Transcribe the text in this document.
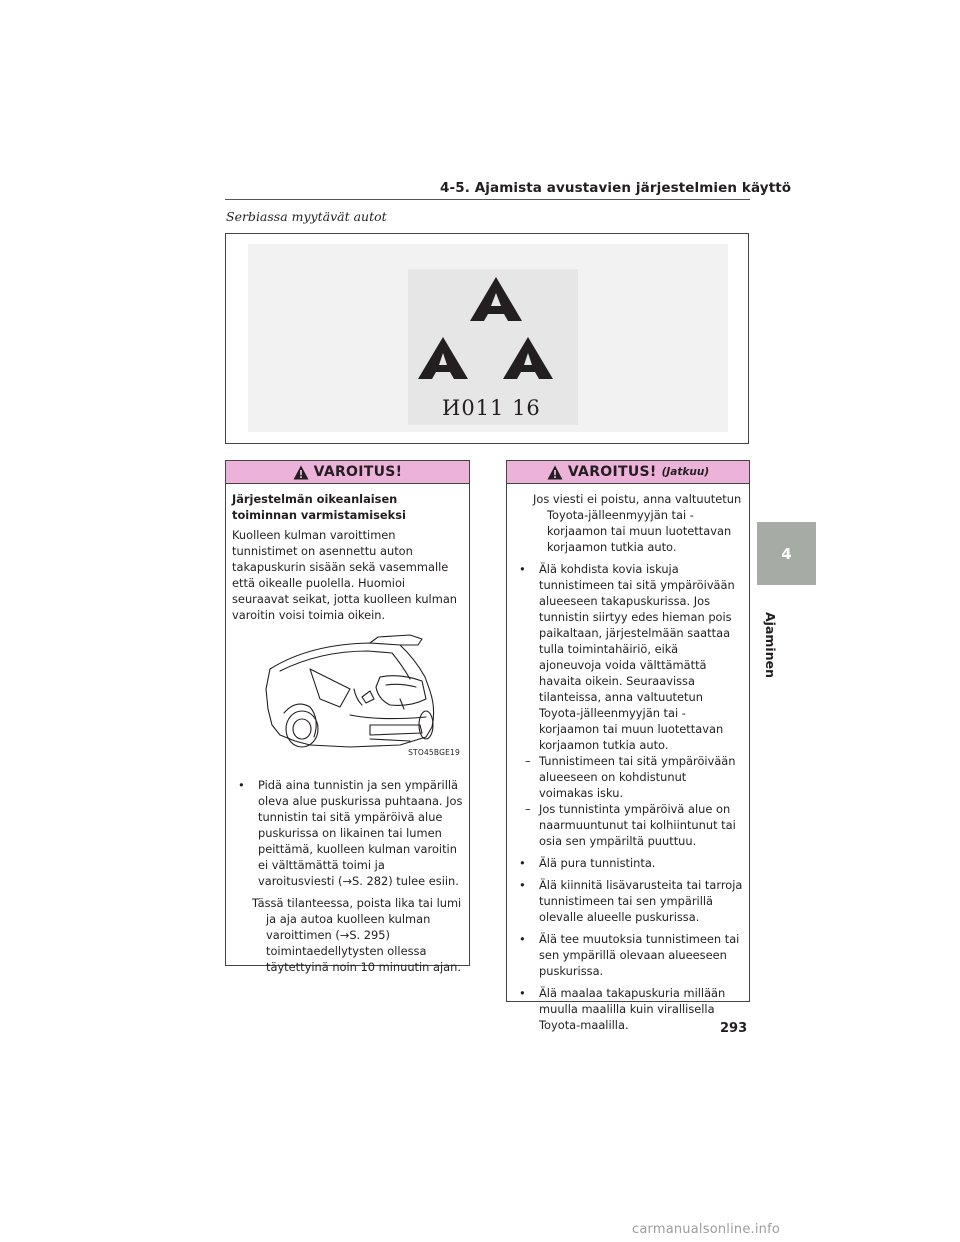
4-5. Ajamista avustavien järjestelmien käyttö
Serbiassa myytävät autot
И011 16
VAROITUS!
Järjestelmän oikeanlaisen toiminnan varmistamiseksi
Kuolleen kulman varoittimen tunnistimet on asennettu auton takapuskurin sisään sekä vasemmalle että oikealle puolella. Huomioi seuraavat seikat, jotta kuolleen kulman varoitin voisi toimia oikein.
STO45BGE19
• Pidä aina tunnistin ja sen ympärillä oleva alue puskurissa puhtaana. Jos tunnistin tai sitä ympäröivä alue puskurissa on likainen tai lumen peittämä, kuolleen kulman varoitin ei välttämättä toimi ja varoitusviesti (→S. 282) tulee esiin.
Tässä tilanteessa, poista lika tai lumi ja aja autoa kuolleen kulman varoittimen (→S. 295) toimintaedellytysten ollessa täytettyinä noin 10 minuutin ajan.
VAROITUS! (Jatkuu)
Jos viesti ei poistu, anna valtuutetun Toyota-jälleenmyyjän tai -korjaamon tai muun luotettavan korjaamon tutkia auto.
• Älä kohdista kovia iskuja tunnistimeen tai sitä ympäröivään alueeseen takapuskurissa. Jos tunnistin siirtyy edes hieman pois paikaltaan, järjestelmään saattaa tulla toimintahäiriö, eikä ajoneuvoja voida välttämättä havaita oikein. Seuraavissa tilanteissa, anna valtuutetun Toyota-jälleenmyyjän tai -korjaamon tai muun luotettavan korjaamon tutkia auto.
– Tunnistimeen tai sitä ympäröivään alueeseen on kohdistunut voimakas isku.
– Jos tunnistinta ympäröivä alue on naarmuuntunut tai kolhiintunut tai osia sen ympäriltä puuttuu.
• Älä pura tunnistinta.
• Älä kiinnitä lisävarusteita tai tarroja tunnistimeen tai sen ympärillä olevalle alueelle puskurissa.
• Älä tee muutoksia tunnistimeen tai sen ympärillä olevaan alueeseen puskurissa.
• Älä maalaa takapuskuria millään muulla maalilla kuin virallisella Toyota-maalilla.
4
Ajaminen
293
carmanualsonline.info
